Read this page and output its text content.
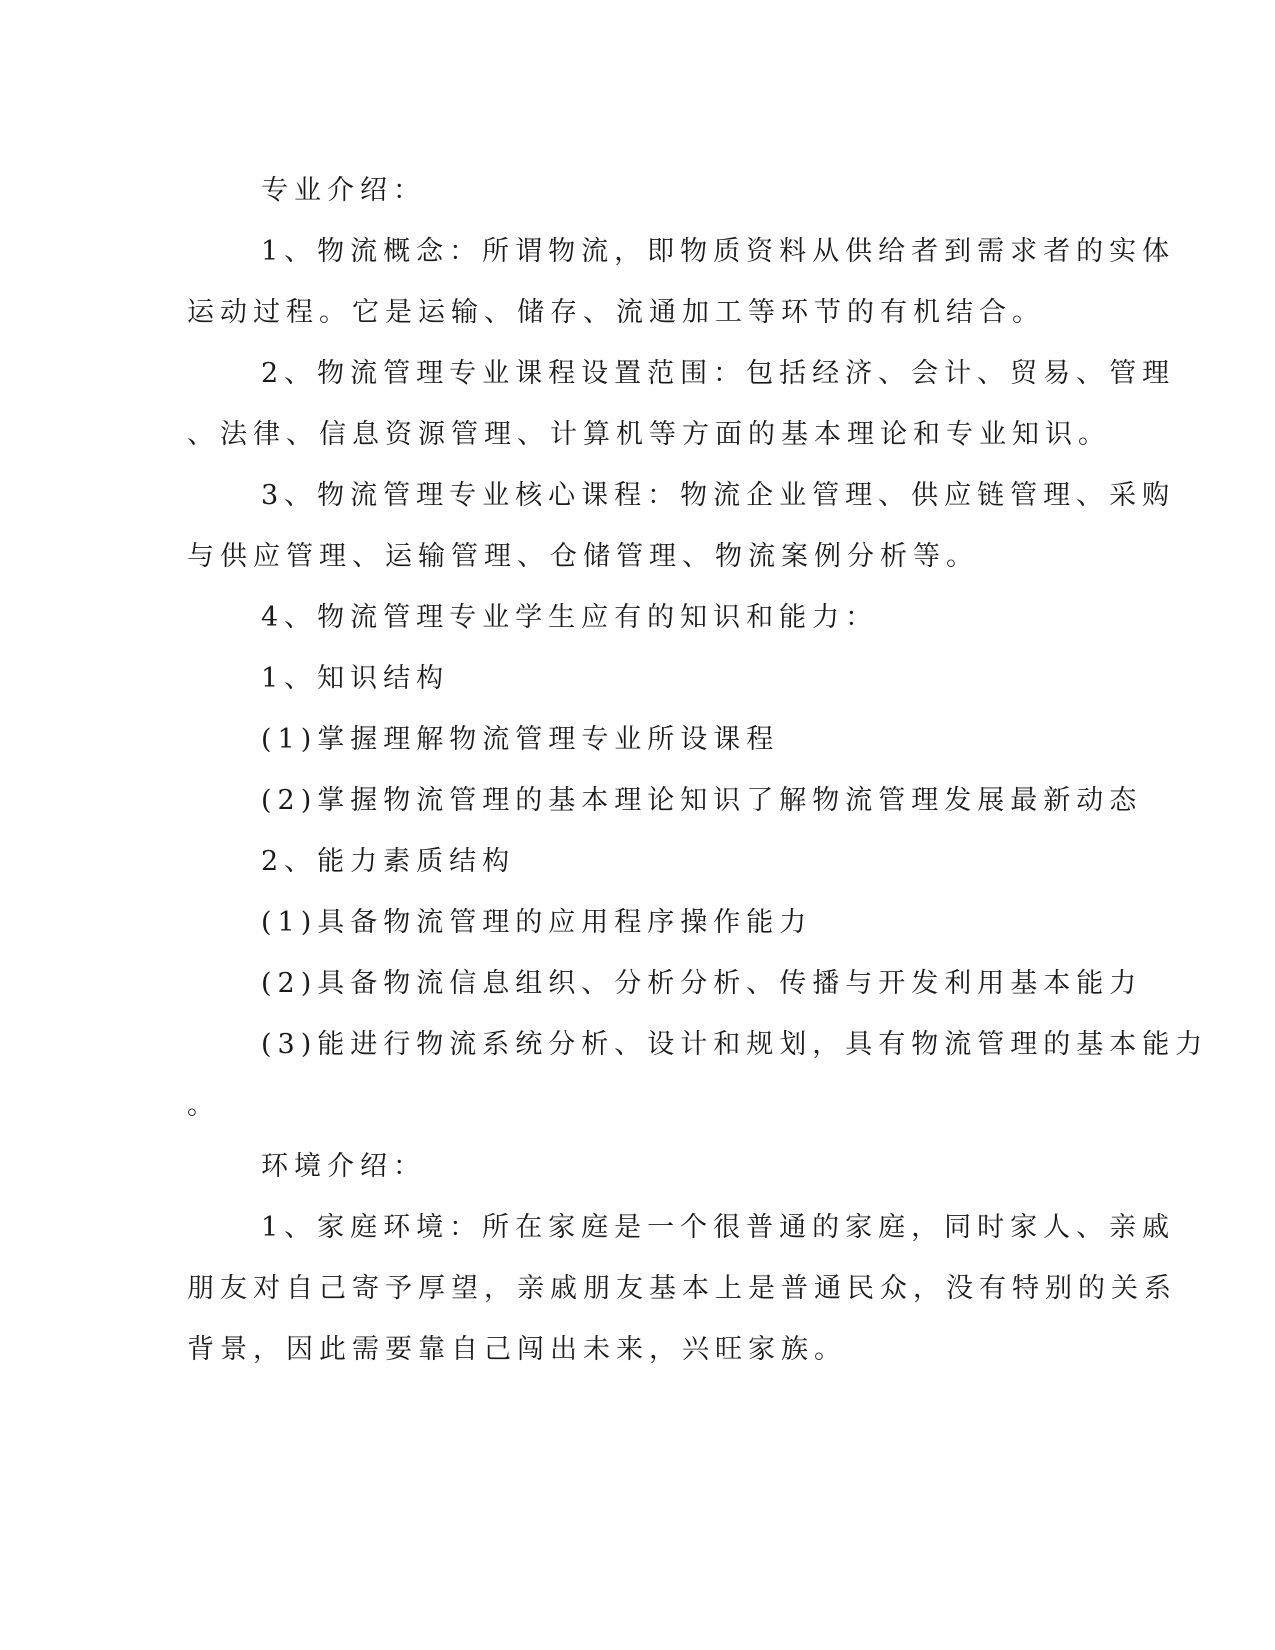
专业介绍：
1、物流概念：所谓物流，即物质资料从供给者到需求者的实体
运动过程。它是运输、储存、流通加工等环节的有机结合。
2、物流管理专业课程设置范围：包括经济、会计、贸易、管理
、法律、信息资源管理、计算机等方面的基本理论和专业知识。
3、物流管理专业核心课程：物流企业管理、供应链管理、采购
与供应管理、运输管理、仓储管理、物流案例分析等。
4、物流管理专业学生应有的知识和能力：
1、知识结构
(1)掌握理解物流管理专业所设课程
(2)掌握物流管理的基本理论知识了解物流管理发展最新动态
2、能力素质结构
(1)具备物流管理的应用程序操作能力
(2)具备物流信息组织、分析分析、传播与开发利用基本能力
(3)能进行物流系统分析、设计和规划，具有物流管理的基本能力
。
环境介绍：
1、家庭环境：所在家庭是一个很普通的家庭，同时家人、亲戚
朋友对自己寄予厚望，亲戚朋友基本上是普通民众，没有特别的关系
背景，因此需要靠自己闯出未来，兴旺家族。
